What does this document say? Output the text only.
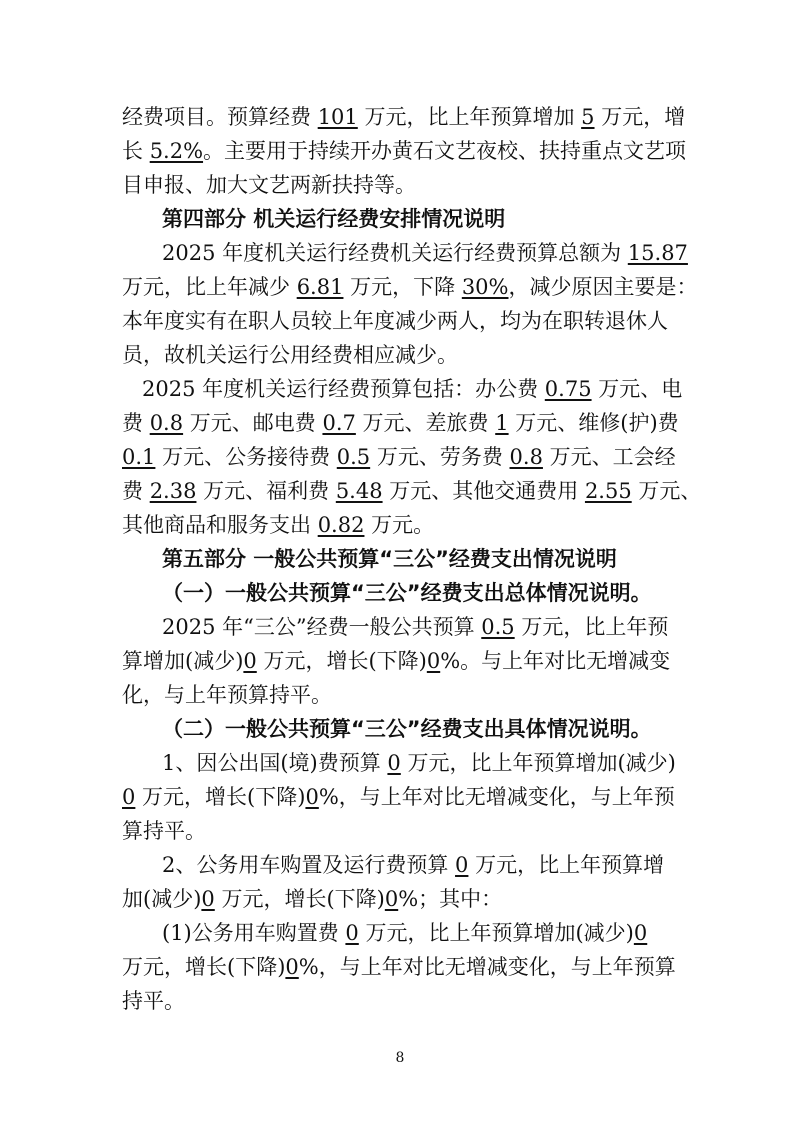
经费项目。预算经费 101 万元，比上年预算增加 5 万元，增
长 5.2%。主要用于持续开办黄石文艺夜校、扶持重点文艺项
目申报、加大文艺两新扶持等。
第四部分 机关运行经费安排情况说明
2025 年度机关运行经费机关运行经费预算总额为 15.87
万元，比上年减少 6.81 万元，下降 30%，减少原因主要是：
本年度实有在职人员较上年度减少两人，均为在职转退休人
员，故机关运行公用经费相应减少。
2025 年度机关运行经费预算包括：办公费 0.75 万元、电
费 0.8 万元、邮电费 0.7 万元、差旅费 1 万元、维修(护)费
0.1 万元、公务接待费 0.5 万元、劳务费 0.8 万元、工会经
费 2.38 万元、福利费 5.48 万元、其他交通费用 2.55 万元、
其他商品和服务支出 0.82 万元。
第五部分 一般公共预算“三公”经费支出情况说明
（一）一般公共预算“三公”经费支出总体情况说明。
2025 年“三公”经费一般公共预算 0.5 万元，比上年预
算增加(减少)0 万元，增长(下降)0%。与上年对比无增减变
化，与上年预算持平。
（二）一般公共预算“三公”经费支出具体情况说明。
1、因公出国(境)费预算 0 万元，比上年预算增加(减少)
0 万元，增长(下降)0%，与上年对比无增减变化，与上年预
算持平。
2、公务用车购置及运行费预算 0 万元，比上年预算增
加(减少)0 万元，增长(下降)0%；其中：
(1)公务用车购置费 0 万元，比上年预算增加(减少)0
万元，增长(下降)0%，与上年对比无增减变化，与上年预算
持平。
8
